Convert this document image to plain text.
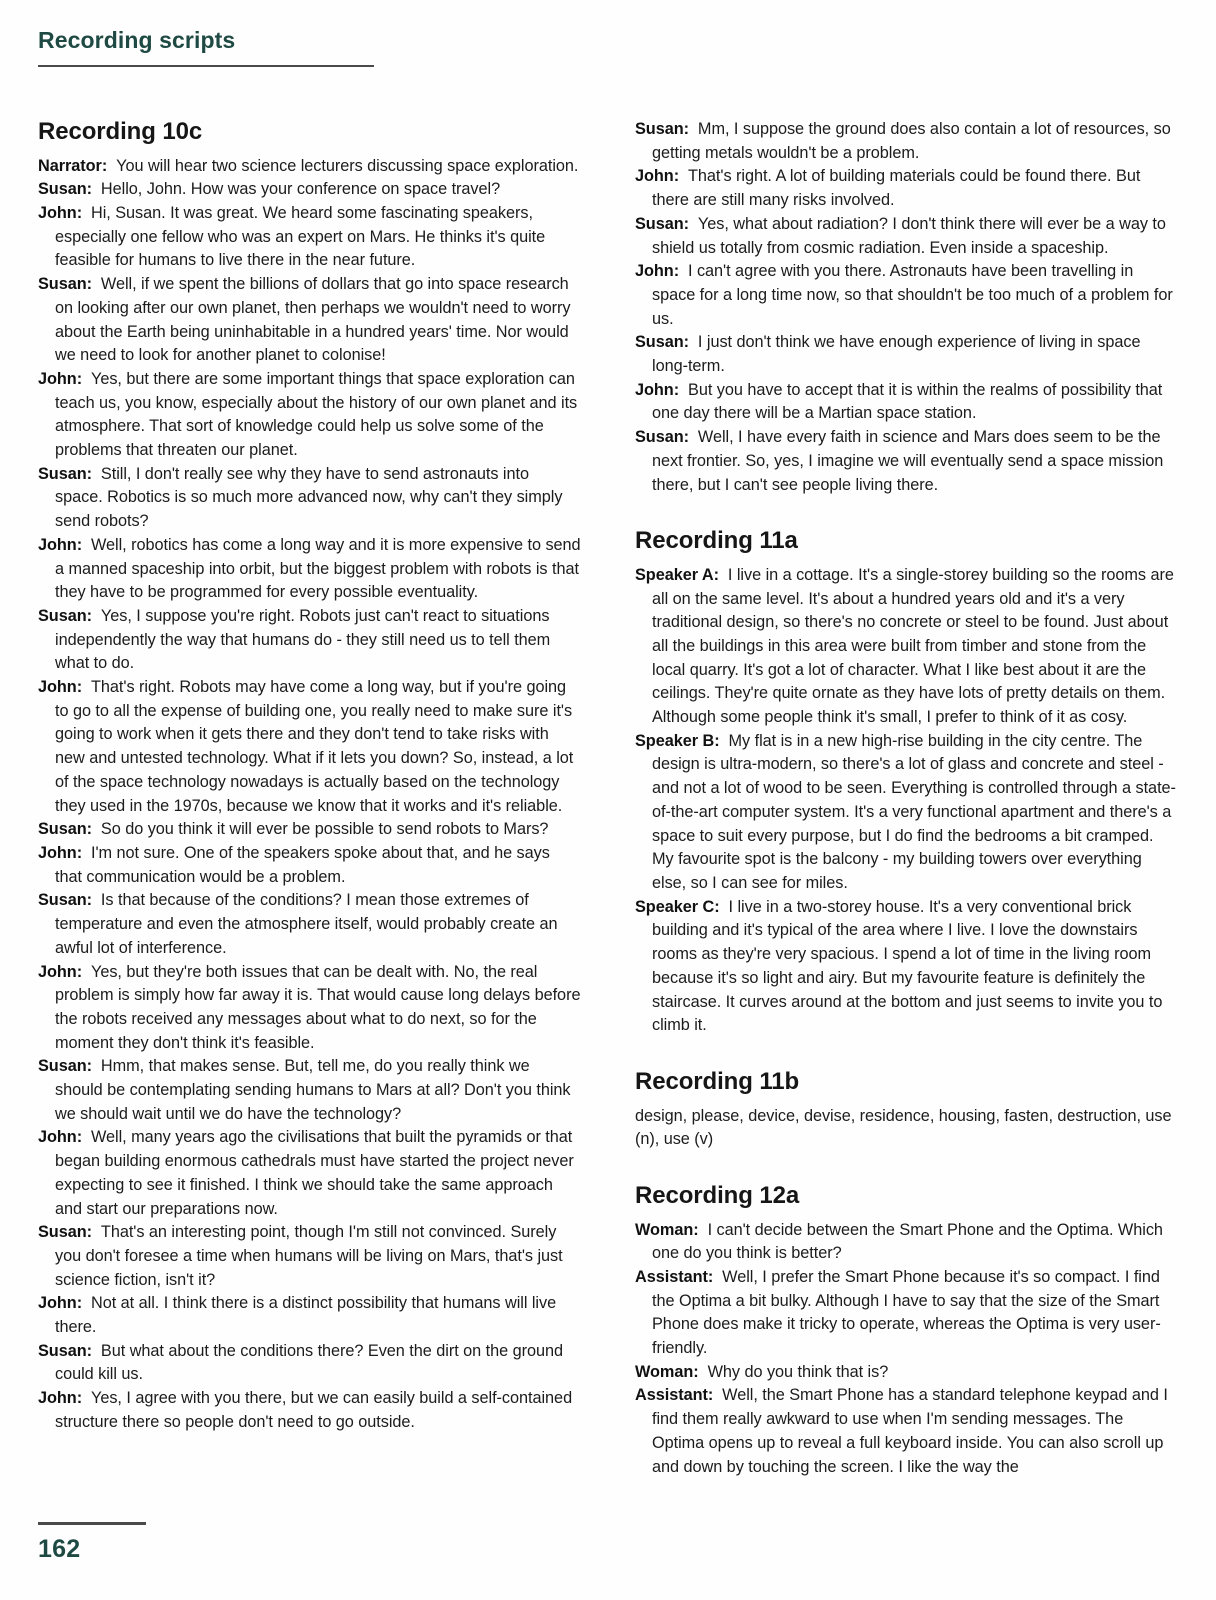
Recording scripts
Recording 10c

Narrator:  You will hear two science lecturers discussing space exploration.

Susan:  Hello, John. How was your conference on space travel?

John:  Hi, Susan. It was great. We heard some fascinating speakers, especially one fellow who was an expert on Mars. He thinks it's quite feasible for humans to live there in the near future.

Susan:  Well, if we spent the billions of dollars that go into space research on looking after our own planet, then perhaps we wouldn't need to worry about the Earth being uninhabitable in a hundred years' time. Nor would we need to look for another planet to colonise!

John:  Yes, but there are some important things that space exploration can teach us, you know, especially about the history of our own planet and its atmosphere. That sort of knowledge could help us solve some of the problems that threaten our planet.

Susan:  Still, I don't really see why they have to send astronauts into space. Robotics is so much more advanced now, why can't they simply send robots?

John:  Well, robotics has come a long way and it is more expensive to send a manned spaceship into orbit, but the biggest problem with robots is that they have to be programmed for every possible eventuality.

Susan:  Yes, I suppose you're right. Robots just can't react to situations independently the way that humans do - they still need us to tell them what to do.

John:  That's right. Robots may have come a long way, but if you're going to go to all the expense of building one, you really need to make sure it's going to work when it gets there and they don't tend to take risks with new and untested technology. What if it lets you down? So, instead, a lot of the space technology nowadays is actually based on the technology they used in the 1970s, because we know that it works and it's reliable.

Susan:  So do you think it will ever be possible to send robots to Mars?

John:  I'm not sure. One of the speakers spoke about that, and he says that communication would be a problem.

Susan:  Is that because of the conditions? I mean those extremes of temperature and even the atmosphere itself, would probably create an awful lot of interference.

John:  Yes, but they're both issues that can be dealt with. No, the real problem is simply how far away it is. That would cause long delays before the robots received any messages about what to do next, so for the moment they don't think it's feasible.

Susan:  Hmm, that makes sense. But, tell me, do you really think we should be contemplating sending humans to Mars at all? Don't you think we should wait until we do have the technology?

John:  Well, many years ago the civilisations that built the pyramids or that began building enormous cathedrals must have started the project never expecting to see it finished. I think we should take the same approach and start our preparations now.

Susan:  That's an interesting point, though I'm still not convinced. Surely you don't foresee a time when humans will be living on Mars, that's just science fiction, isn't it?

John:  Not at all. I think there is a distinct possibility that humans will live there.

Susan:  But what about the conditions there? Even the dirt on the ground could kill us.

John:  Yes, I agree with you there, but we can easily build a self-contained structure there so people don't need to go outside.

Susan:  Mm, I suppose the ground does also contain a lot of resources, so getting metals wouldn't be a problem.

John:  That's right. A lot of building materials could be found there. But there are still many risks involved.

Susan:  Yes, what about radiation? I don't think there will ever be a way to shield us totally from cosmic radiation. Even inside a spaceship.

John:  I can't agree with you there. Astronauts have been travelling in space for a long time now, so that shouldn't be too much of a problem for us.

Susan:  I just don't think we have enough experience of living in space long-term.

John:  But you have to accept that it is within the realms of possibility that one day there will be a Martian space station.

Susan:  Well, I have every faith in science and Mars does seem to be the next frontier. So, yes, I imagine we will eventually send a space mission there, but I can't see people living there.

Recording 11a

Speaker A:  I live in a cottage. It's a single-storey building so the rooms are all on the same level. It's about a hundred years old and it's a very traditional design, so there's no concrete or steel to be found. Just about all the buildings in this area were built from timber and stone from the local quarry. It's got a lot of character. What I like best about it are the ceilings. They're quite ornate as they have lots of pretty details on them. Although some people think it's small, I prefer to think of it as cosy.

Speaker B:  My flat is in a new high-rise building in the city centre. The design is ultra-modern, so there's a lot of glass and concrete and steel - and not a lot of wood to be seen. Everything is controlled through a state-of-the-art computer system. It's a very functional apartment and there's a space to suit every purpose, but I do find the bedrooms a bit cramped. My favourite spot is the balcony - my building towers over everything else, so I can see for miles.

Speaker C:  I live in a two-storey house. It's a very conventional brick building and it's typical of the area where I live. I love the downstairs rooms as they're very spacious. I spend a lot of time in the living room because it's so light and airy. But my favourite feature is definitely the staircase. It curves around at the bottom and just seems to invite you to climb it.

Recording 11b

design, please, device, devise, residence, housing, fasten, destruction, use (n), use (v)

Recording 12a

Woman:  I can't decide between the Smart Phone and the Optima. Which one do you think is better?

Assistant:  Well, I prefer the Smart Phone because it's so compact. I find the Optima a bit bulky. Although I have to say that the size of the Smart Phone does make it tricky to operate, whereas the Optima is very user-friendly.

Woman:  Why do you think that is?

Assistant:  Well, the Smart Phone has a standard telephone keypad and I find them really awkward to use when I'm sending messages. The Optima opens up to reveal a full keyboard inside. You can also scroll up and down by touching the screen. I like the way the

162
